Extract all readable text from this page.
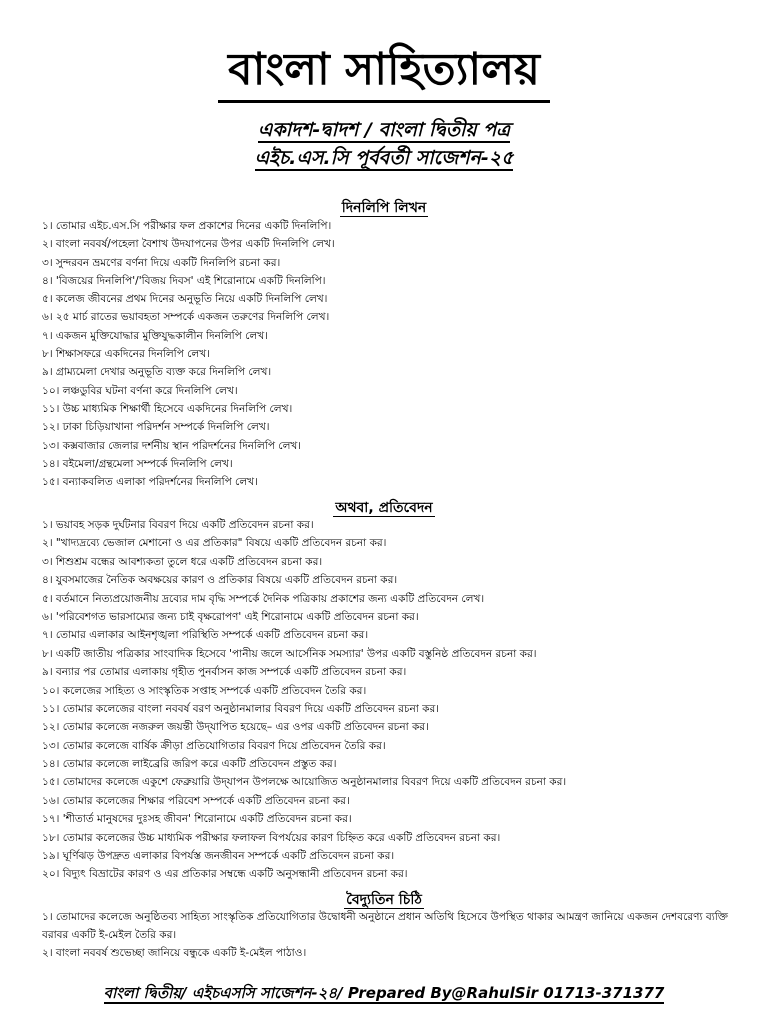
বাংলা সাহিত্যালয়
একাদশ-দ্বাদশ / বাংলা দ্বিতীয় পত্র
এইচ.এস.সি পূর্ববর্তী সাজেশন-২৫
দিনলিপি লিখন
১। তোমার এইচ.এস.সি পরীক্ষার ফল প্রকাশের দিনের একটি দিনলিপি।
২। বাংলা নববর্ষ/পহেলা বৈশাখ উদযাপনের উপর একটি দিনলিপি লেখ।
৩। সুন্দরবন ভ্রমণের বর্ণনা দিয়ে একটি দিনলিপি রচনা কর।
৪। 'বিজয়ের দিনলিপি'/'বিজয় দিবস' এই শিরোনামে একটি দিনলিপি।
৫। কলেজ জীবনের প্রথম দিনের অনুভূতি নিয়ে একটি দিনলিপি লেখ।
৬। ২৫ মার্চ রাতের ভয়াবহতা সম্পর্কে একজন তরুণের দিনলিপি লেখ।
৭। একজন মুক্তিযোদ্ধার মুক্তিযুদ্ধকালীন দিনলিপি লেখ।
৮। শিক্ষাসফরে একদিনের দিনলিপি লেখ।
৯। গ্রাম্যমেলা দেখার অনুভূতি ব্যক্ত করে দিনলিপি লেখ।
১০। লঞ্চডুবির ঘটনা বর্ণনা করে দিনলিপি লেখ।
১১। উচ্চ মাধ্যমিক শিক্ষার্থী হিসেবে একদিনের দিনলিপি লেখ।
১২। ঢাকা চিড়িয়াখানা পরিদর্শন সম্পর্কে দিনলিপি লেখ।
১৩। কক্সবাজার জেলার দর্শনীয় স্থান পরিদর্শনের দিনলিপি লেখ।
১৪। বইমেলা/গ্রন্থমেলা সম্পর্কে দিনলিপি লেখ।
১৫। বন্যাকবলিত এলাকা পরিদর্শনের দিনলিপি লেখ।
অথবা, প্রতিবেদন
১। ভয়াবহ সড়ক দুর্ঘটনার বিবরণ দিয়ে একটি প্রতিবেদন রচনা কর।
২। "খাদ্যদ্রব্যে ভেজাল মেশানো ও এর প্রতিকার" বিষয়ে একটি প্রতিবেদন রচনা কর।
৩। শিশুশ্রম বন্ধের আবশ্যকতা তুলে ধরে একটি প্রতিবেদন রচনা কর।
৪। যুবসমাজের নৈতিক অবক্ষয়ের কারণ ও প্রতিকার বিষয়ে একটি প্রতিবেদন রচনা কর।
৫। বর্তমানে নিত্যপ্রয়োজনীয় দ্রব্যের দাম বৃদ্ধি সম্পর্কে দৈনিক পত্রিকায় প্রকাশের জন্য একটি প্রতিবেদন লেখ।
৬। 'পরিবেশগত ভারসাম্যের জন্য চাই বৃক্ষরোপণ' এই শিরোনামে একটি প্রতিবেদন রচনা কর।
৭। তোমার এলাকার আইনশৃঙ্খলা পরিস্থিতি সম্পর্কে একটি প্রতিবেদন রচনা কর।
৮। একটি জাতীয় পত্রিকার সাংবাদিক হিসেবে 'পানীয় জলে আর্সেনিক সমস্যার' উপর একটি বস্তুনিষ্ঠ প্রতিবেদন রচনা কর।
৯। বন্যার পর তোমার এলাকায় গৃহীত পুনর্বাসন কাজ সম্পর্কে একটি প্রতিবেদন রচনা কর।
১০। কলেজের সাহিত্য ও সাংস্কৃতিক সপ্তাহ সম্পর্কে একটি প্রতিবেদন তৈরি কর।
১১। তোমার কলেজের বাংলা নববর্ষ বরণ অনুষ্ঠানমালার বিবরণ দিয়ে একটি প্রতিবেদন রচনা কর।
১২। তোমার কলেজে নজরুল জয়ন্তী উদ্‌যাপিত হয়েছে– এর ওপর একটি প্রতিবেদন রচনা কর।
১৩। তোমার কলেজে বার্ষিক ক্রীড়া প্রতিযোগিতার বিবরণ দিয়ে প্রতিবেদন তৈরি কর।
১৪। তোমার কলেজে লাইব্রেরি জরিপ করে একটি প্রতিবেদন প্রস্তুত কর।
১৫। তোমাদের কলেজে একুশে ফেব্রুয়ারি উদ্‌যাপন উপলক্ষে আয়োজিত অনুষ্ঠানমালার বিবরণ দিয়ে একটি প্রতিবেদন রচনা কর।
১৬। তোমার কলেজের শিক্ষার পরিবেশ সম্পর্কে একটি প্রতিবেদন রচনা কর।
১৭। 'শীতার্ত মানুষদের দুঃসহ জীবন' শিরোনামে একটি প্রতিবেদন রচনা কর।
১৮। তোমার কলেজের উচ্চ মাধ্যমিক পরীক্ষার ফলাফল বিপর্যয়ের কারণ চিহ্নিত করে একটি প্রতিবেদন রচনা কর।
১৯। ঘূর্ণিঝড় উপদ্রুত এলাকার বিপর্যস্ত জনজীবন সম্পর্কে একটি প্রতিবেদন রচনা কর।
২০। বিদ্যুৎ বিভ্রাটের কারণ ও এর প্রতিকার সম্বন্ধে একটি অনুসন্ধানী প্রতিবেদন রচনা কর।
বৈদ্যুতিন চিঠি
১। তোমাদের কলেজে অনুষ্ঠিতব্য সাহিত্য সাংস্কৃতিক প্রতিযোগিতার উদ্বোধনী অনুষ্ঠানে প্রধান অতিথি হিসেবে উপস্থিত থাকার আমন্ত্রণ জানিয়ে একজন দেশবরেণ্য ব্যক্তি বরাবর একটি ই-মেইল তৈরি কর।
২। বাংলা নববর্ষ শুভেচ্ছা জানিয়ে বন্ধুকে একটি ই-মেইল পাঠাও।
বাংলা দ্বিতীয়/ এইচএসসি সাজেশন-২৪/ Prepared By@RahulSir 01713-371377
